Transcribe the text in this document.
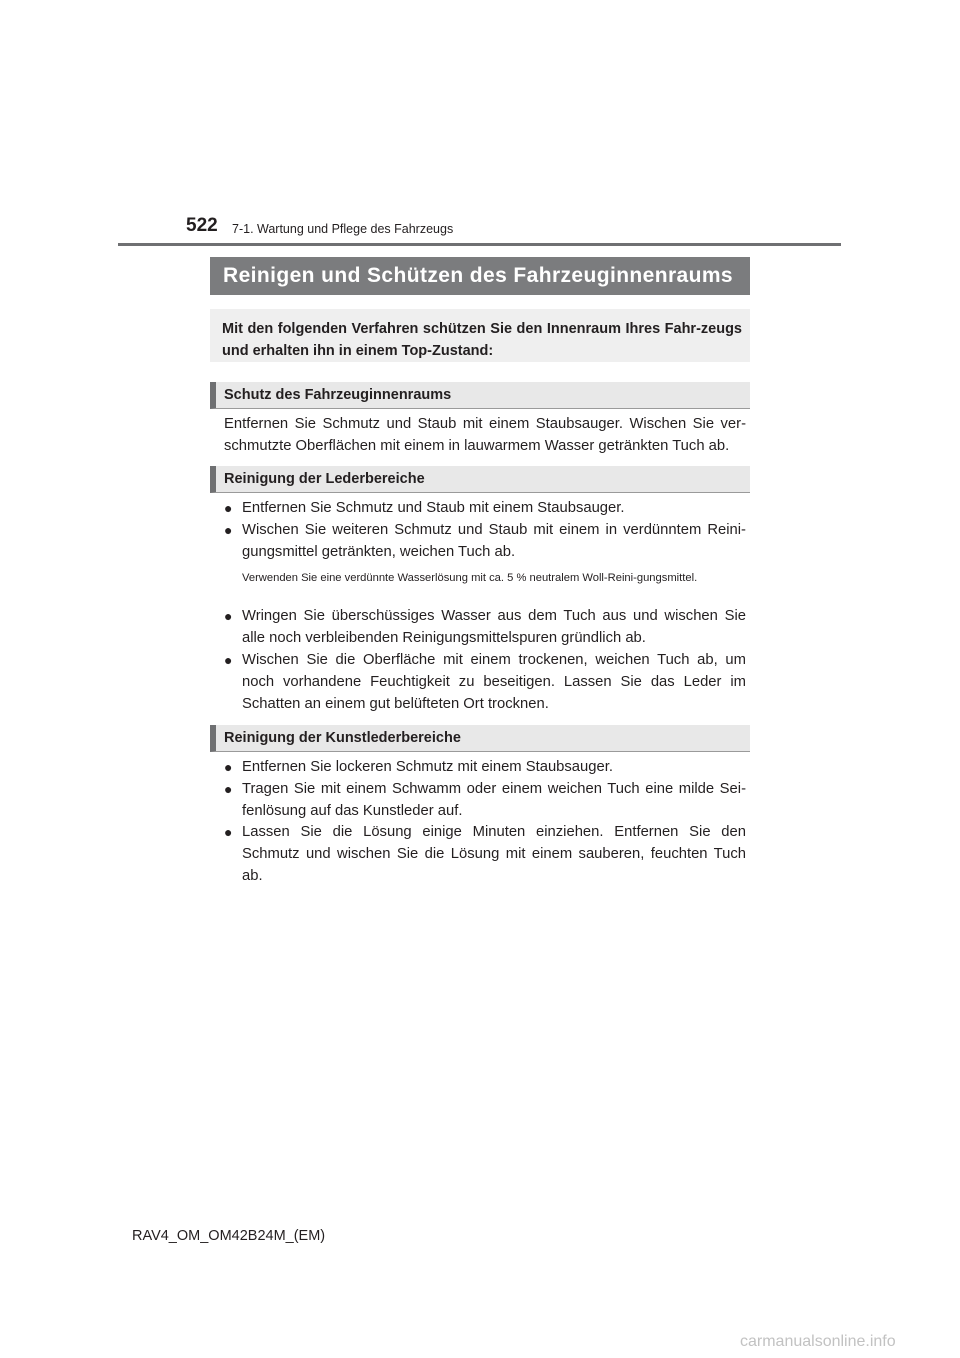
522 7-1. Wartung und Pflege des Fahrzeugs
Reinigen und Schützen des Fahrzeuginnenraums
Mit den folgenden Verfahren schützen Sie den Innenraum Ihres Fahr-zeugs und erhalten ihn in einem Top-Zustand:
Schutz des Fahrzeuginnenraums
Entfernen Sie Schmutz und Staub mit einem Staubsauger. Wischen Sie ver-schmutzte Oberflächen mit einem in lauwarmem Wasser getränkten Tuch ab.
Reinigung der Lederbereiche
● Entfernen Sie Schmutz und Staub mit einem Staubsauger.
● Wischen Sie weiteren Schmutz und Staub mit einem in verdünntem Reini-gungsmittel getränkten, weichen Tuch ab.
Verwenden Sie eine verdünnte Wasserlösung mit ca. 5 % neutralem Woll-Reini-gungsmittel.
● Wringen Sie überschüssiges Wasser aus dem Tuch aus und wischen Sie alle noch verbleibenden Reinigungsmittelspuren gründlich ab.
● Wischen Sie die Oberfläche mit einem trockenen, weichen Tuch ab, um noch vorhandene Feuchtigkeit zu beseitigen. Lassen Sie das Leder im Schatten an einem gut belüfteten Ort trocknen.
Reinigung der Kunstlederbereiche
● Entfernen Sie lockeren Schmutz mit einem Staubsauger.
● Tragen Sie mit einem Schwamm oder einem weichen Tuch eine milde Sei-fenlösung auf das Kunstleder auf.
● Lassen Sie die Lösung einige Minuten einziehen. Entfernen Sie den Schmutz und wischen Sie die Lösung mit einem sauberen, feuchten Tuch ab.
RAV4_OM_OM42B24M_(EM)
carmanualsonline.info
